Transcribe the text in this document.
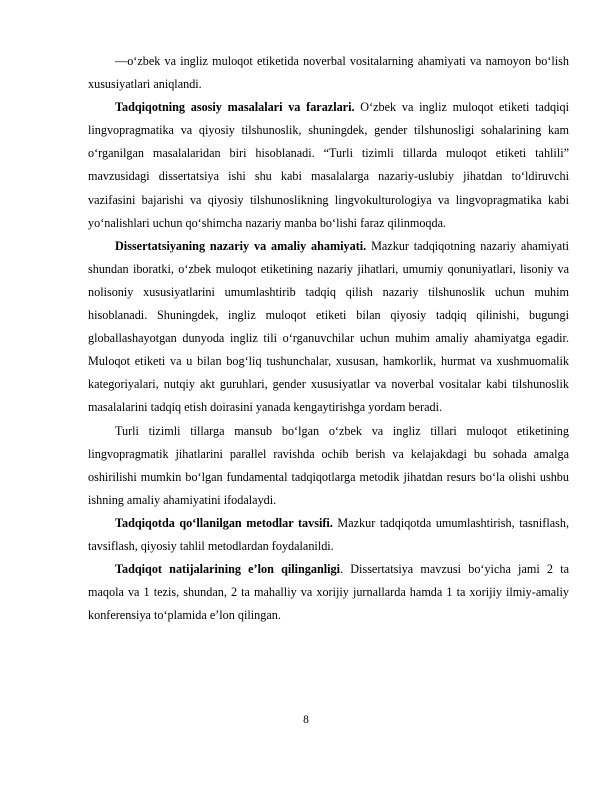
―o‘zbek va ingliz muloqot etiketida noverbal vositalarning ahamiyati va namoyon bo‘lish xususiyatlari aniqlandi.

Tadqiqotning asosiy masalalari va farazlari. O‘zbek va ingliz muloqot etiketi tadqiqi lingvopragmatika va qiyosiy tilshunoslik, shuningdek, gender tilshunosligi sohalarining kam o‘rganilgan masalalaridan biri hisoblanadi. “Turli tizimli tillarda muloqot etiketi tahlili” mavzusidagi dissertatsiya ishi shu kabi masalalarga nazariy-uslubiy jihatdan to‘ldiruvchi vazifasini bajarishi va qiyosiy tilshunoslikning lingvokulturologiya va lingvopragmatika kabi yo‘nalishlari uchun qo‘shimcha nazariy manba bo‘lishi faraz qilinmoqda.

Dissertatsiyaning nazariy va amaliy ahamiyati. Mazkur tadqiqotning nazariy ahamiyati shundan iboratki, o‘zbek muloqot etiketining nazariy jihatlari, umumiy qonuniyatlari, lisoniy va nolisoniy xususiyatlarini umumlashtirib tadqiq qilish nazariy tilshunoslik uchun muhim hisoblanadi. Shuningdek, ingliz muloqot etiketi bilan qiyosiy tadqiq qilinishi, bugungi globallashayotgan dunyoda ingliz tili o‘rganuvchilar uchun muhim amaliy ahamiyatga egadir. Muloqot etiketi va u bilan bog‘liq tushunchalar, xususan, hamkorlik, hurmat va xushmuomalik kategoriyalari, nutqiy akt guruhlari, gender xususiyatlar va noverbal vositalar kabi tilshunoslik masalalarini tadqiq etish doirasini yanada kengaytirishga yordam beradi.

Turli tizimli tillarga mansub bo‘lgan o‘zbek va ingliz tillari muloqot etiketining lingvopragmatik jihatlarini parallel ravishda ochib berish va kelajakdagi bu sohada amalga oshirilishi mumkin bo‘lgan fundamental tadqiqotlarga metodik jihatdan resurs bo‘la olishi ushbu ishning amaliy ahamiyatini ifodalaydi.

Tadqiqotda qo‘llanilgan metodlar tavsifi. Mazkur tadqiqotda umumlashtirish, tasniflash, tavsiflash, qiyosiy tahlil metodlardan foydalanildi.

Tadqiqot natijalarining e’lon qilinganligi. Dissertatsiya mavzusi bo‘yicha jami 2 ta maqola va 1 tezis, shundan, 2 ta mahalliy va xorijiy jurnallarda hamda 1 ta xorijiy ilmiy-amaliy konferensiya to‘plamida e’lon qilingan.

8
